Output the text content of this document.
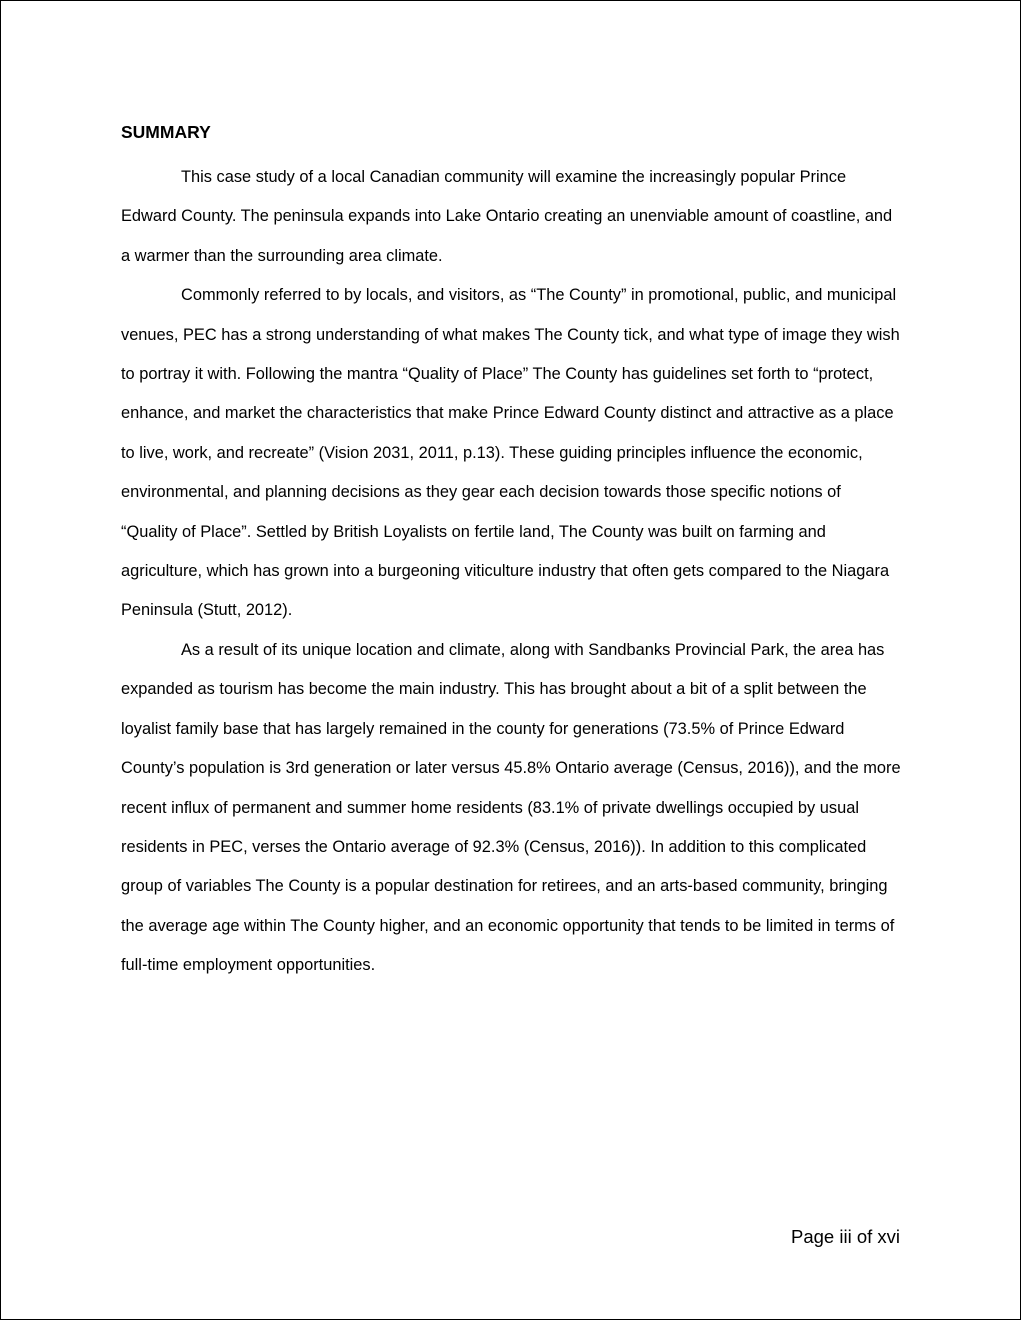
SUMMARY

This case study of a local Canadian community will examine the increasingly popular Prince Edward County. The peninsula expands into Lake Ontario creating an unenviable amount of coastline, and a warmer than the surrounding area climate.

Commonly referred to by locals, and visitors, as “The County” in promotional, public, and municipal venues, PEC has a strong understanding of what makes The County tick, and what type of image they wish to portray it with. Following the mantra “Quality of Place” The County has guidelines set forth to “protect, enhance, and market the characteristics that make Prince Edward County distinct and attractive as a place to live, work, and recreate” (Vision 2031, 2011, p.13). These guiding principles influence the economic, environmental, and planning decisions as they gear each decision towards those specific notions of “Quality of Place”. Settled by British Loyalists on fertile land, The County was built on farming and agriculture, which has grown into a burgeoning viticulture industry that often gets compared to the Niagara Peninsula (Stutt, 2012).

As a result of its unique location and climate, along with Sandbanks Provincial Park, the area has expanded as tourism has become the main industry. This has brought about a bit of a split between the loyalist family base that has largely remained in the county for generations (73.5% of Prince Edward County’s population is 3rd generation or later versus 45.8% Ontario average (Census, 2016)), and the more recent influx of permanent and summer home residents (83.1% of private dwellings occupied by usual residents in PEC, verses the Ontario average of 92.3% (Census, 2016)). In addition to this complicated group of variables The County is a popular destination for retirees, and an arts-based community, bringing the average age within The County higher, and an economic opportunity that tends to be limited in terms of full-time employment opportunities.

Page iii of xvi
